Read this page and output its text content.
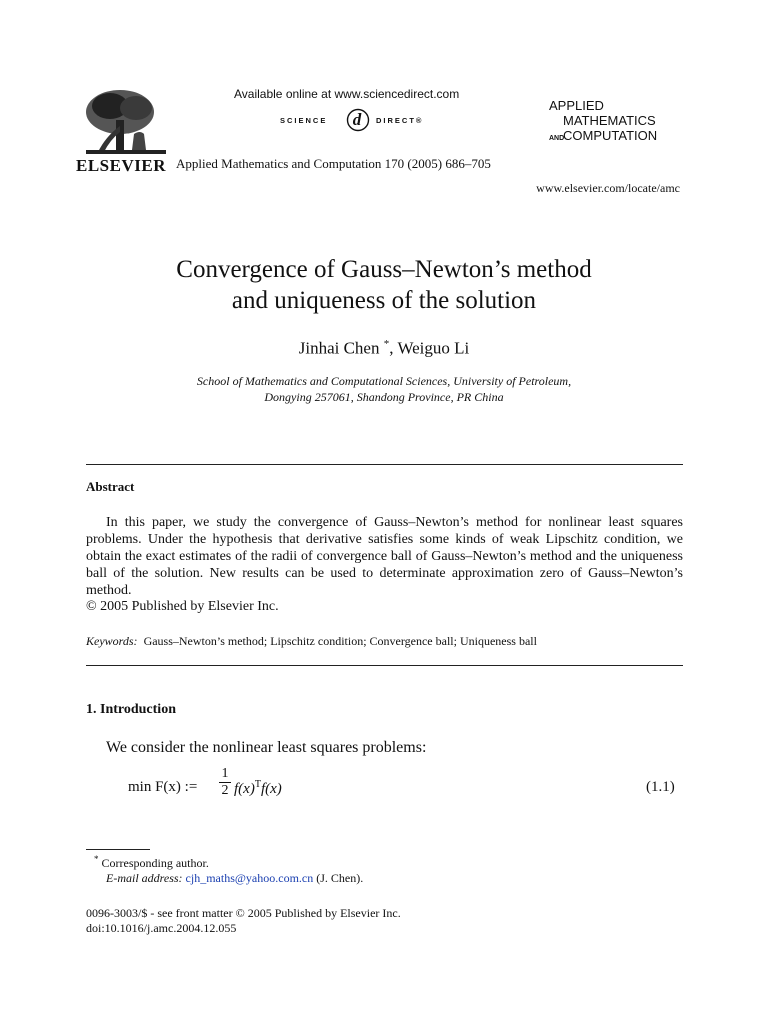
ELSEVIER
Available online at www.sciencedirect.com
SCIENCE d DIRECT®
Applied Mathematics and Computation 170 (2005) 686–705
APPLIED
MATHEMATICS
ANDCOMPUTATION
www.elsevier.com/locate/amc
Convergence of Gauss–Newton’s method
and uniqueness of the solution
Jinhai Chen *, Weiguo Li
School of Mathematics and Computational Sciences, University of Petroleum,
Dongying 257061, Shandong Province, PR China
Abstract

In this paper, we study the convergence of Gauss–Newton’s method for nonlinear least squares problems. Under the hypothesis that derivative satisfies some kinds of weak Lipschitz condition, we obtain the exact estimates of the radii of convergence ball of Gauss–Newton’s method and the uniqueness ball of the solution. New results can be used to determinate approximation zero of Gauss–Newton’s method.

© 2005 Published by Elsevier Inc.
Keywords: Gauss–Newton’s method; Lipschitz condition; Convergence ball; Uniqueness ball
1. Introduction
We consider the nonlinear least squares problems:
min F(x) :=
1
2 $f(x)^Tf(x)$	(1.1)
* Corresponding author.
E-mail address: cjh_maths@yahoo.com.cn (J. Chen).
0096-3003/$ - see front matter © 2005 Published by Elsevier Inc.
doi:10.1016/j.amc.2004.12.055
